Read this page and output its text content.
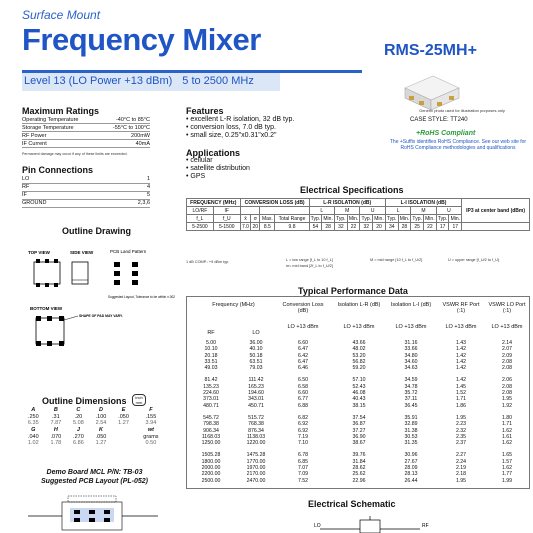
Surface Mount
Frequency Mixer	RMS-25MH+
Level 13 (LO Power +13 dBm) 5 to 2500 MHz
Generic photo used for illustration purposes only
CASE STYLE: TT240
+RoHS Compliant
The +Suffix identifies RoHS Compliance. See our web site for RoHS Compliance methodologies and qualifications
Maximum Ratings
Operating Temperature	-40°C to 85°C
Storage Temperature	-55°C to 100°C
RF Power	200mW
IF Current	40mA
Permanent damage may occur if any of these limits are exceeded.
Pin Connections
LO	1
RF	4
IF	5
GROUND	2,3,6
Features
• excellent L-R isolation, 32 dB typ.
• conversion loss, 7.0 dB typ.
• small size, 0.25"x0.31"x0.2"
Applications
• cellular
• satellite distribution
• GPS
Electrical Specifications
FREQUENCY (MHz)		CONVERSION LOSS (dB)				L-R ISOLATION (dB)						L-I ISOLATION (dB)						IP3 at center band (dBm)
LO/RF	IF					L		M		U		L		M		U		
f_L	f_U	x̄	σ	Max.	Total Range	Typ.	Min.	Typ.	Min.	Typ.	Min.	Typ.	Min.	Typ.	Min.	Typ.	Min.	
5-2500	5-1500	7.0	20	8.5	9.8	54	28	32	22	32	20	34	28	25	22	17	17	
1 dB COMP.: +9 dBm typ.	L = low range [f_L to 10 f_L]
m= mid band [2f_L to f_U/2]
M = mid range [10 f_L to f_U/2]	U = upper range [f_U/2 to f_U]
Typical Performance Data
Frequency (MHz)	Conversion Loss (dB)
Isolation L-R (dB)	Isolation L-I (dB)	VSWR RF Port (:1)
VSWR LO Port (:1)
RF	LO
LO +13 dBm	LO +13 dBm	LO +13 dBm	LO +13 dBm	LO +13 dBm
5.00	36.00	6.60	43.66	31.16	1.43	2.14
10.10	40.10	6.47	48.02	33.66	1.42	2.07
20.18	50.18	6.42	53.20	34.80	1.42	2.09
33.51	63.51	6.47	56.82	34.60	1.42	2.08
49.03	79.03	6.46	59.20	34.63	1.42	2.08
81.42	111.42	6.50	57.10	34.59	1.42	2.06
135.23	165.23	6.58	52.43	34.78	1.45	2.08
224.60	194.60	6.60	46.08	35.72	1.52	2.08
373.01	343.01	6.77	40.43	37.11	1.71	1.95
480.71	450.71	6.88	38.15	36.45	1.86	1.92
545.72	515.72	6.82	37.54	35.91	1.95	1.80
798.38	768.38	6.92	36.87	32.89	2.23	1.71
906.34	876.34	6.92	37.27	31.38	2.32	1.62
1168.03	1138.03	7.19	36.90	30.53	2.35	1.61
1250.00	1220.00	7.10	38.67	31.35	2.37	1.62
1505.28	1475.28	6.78	39.76	30.96	2.27	1.65
1800.00	1770.00	6.85	31.84	27.67	2.24	1.57
2000.00	1970.00	7.07	28.62	28.09	2.19	1.62
2200.00	2170.00	7.09	25.62	28.13	2.18	1.77
2500.00	2470.00	7.52	22.96	26.44	1.95	1.99
Outline Drawing
TOP VIEW	SIDE VIEW	PCB Land Pattern
Suggested Layout, Tolerance to be within ±.002
BOTTOM VIEW
SHAPE OF PAD MAY VARY.
Outline Dimensions	inch mm
A	B	C	D	E	F
.250	.31	.20	.100	.050	.155
6.35	7.87	5.08	2.54	1.27	3.94
G	H	J	K		wt
.040	.070	.270	.050		grams
1.02	1.78	6.86	1.27		0.50
Demo Board MCL P/N: TB-03
Suggested PCB Layout (PL-052)
Electrical Schematic
LO	RF
